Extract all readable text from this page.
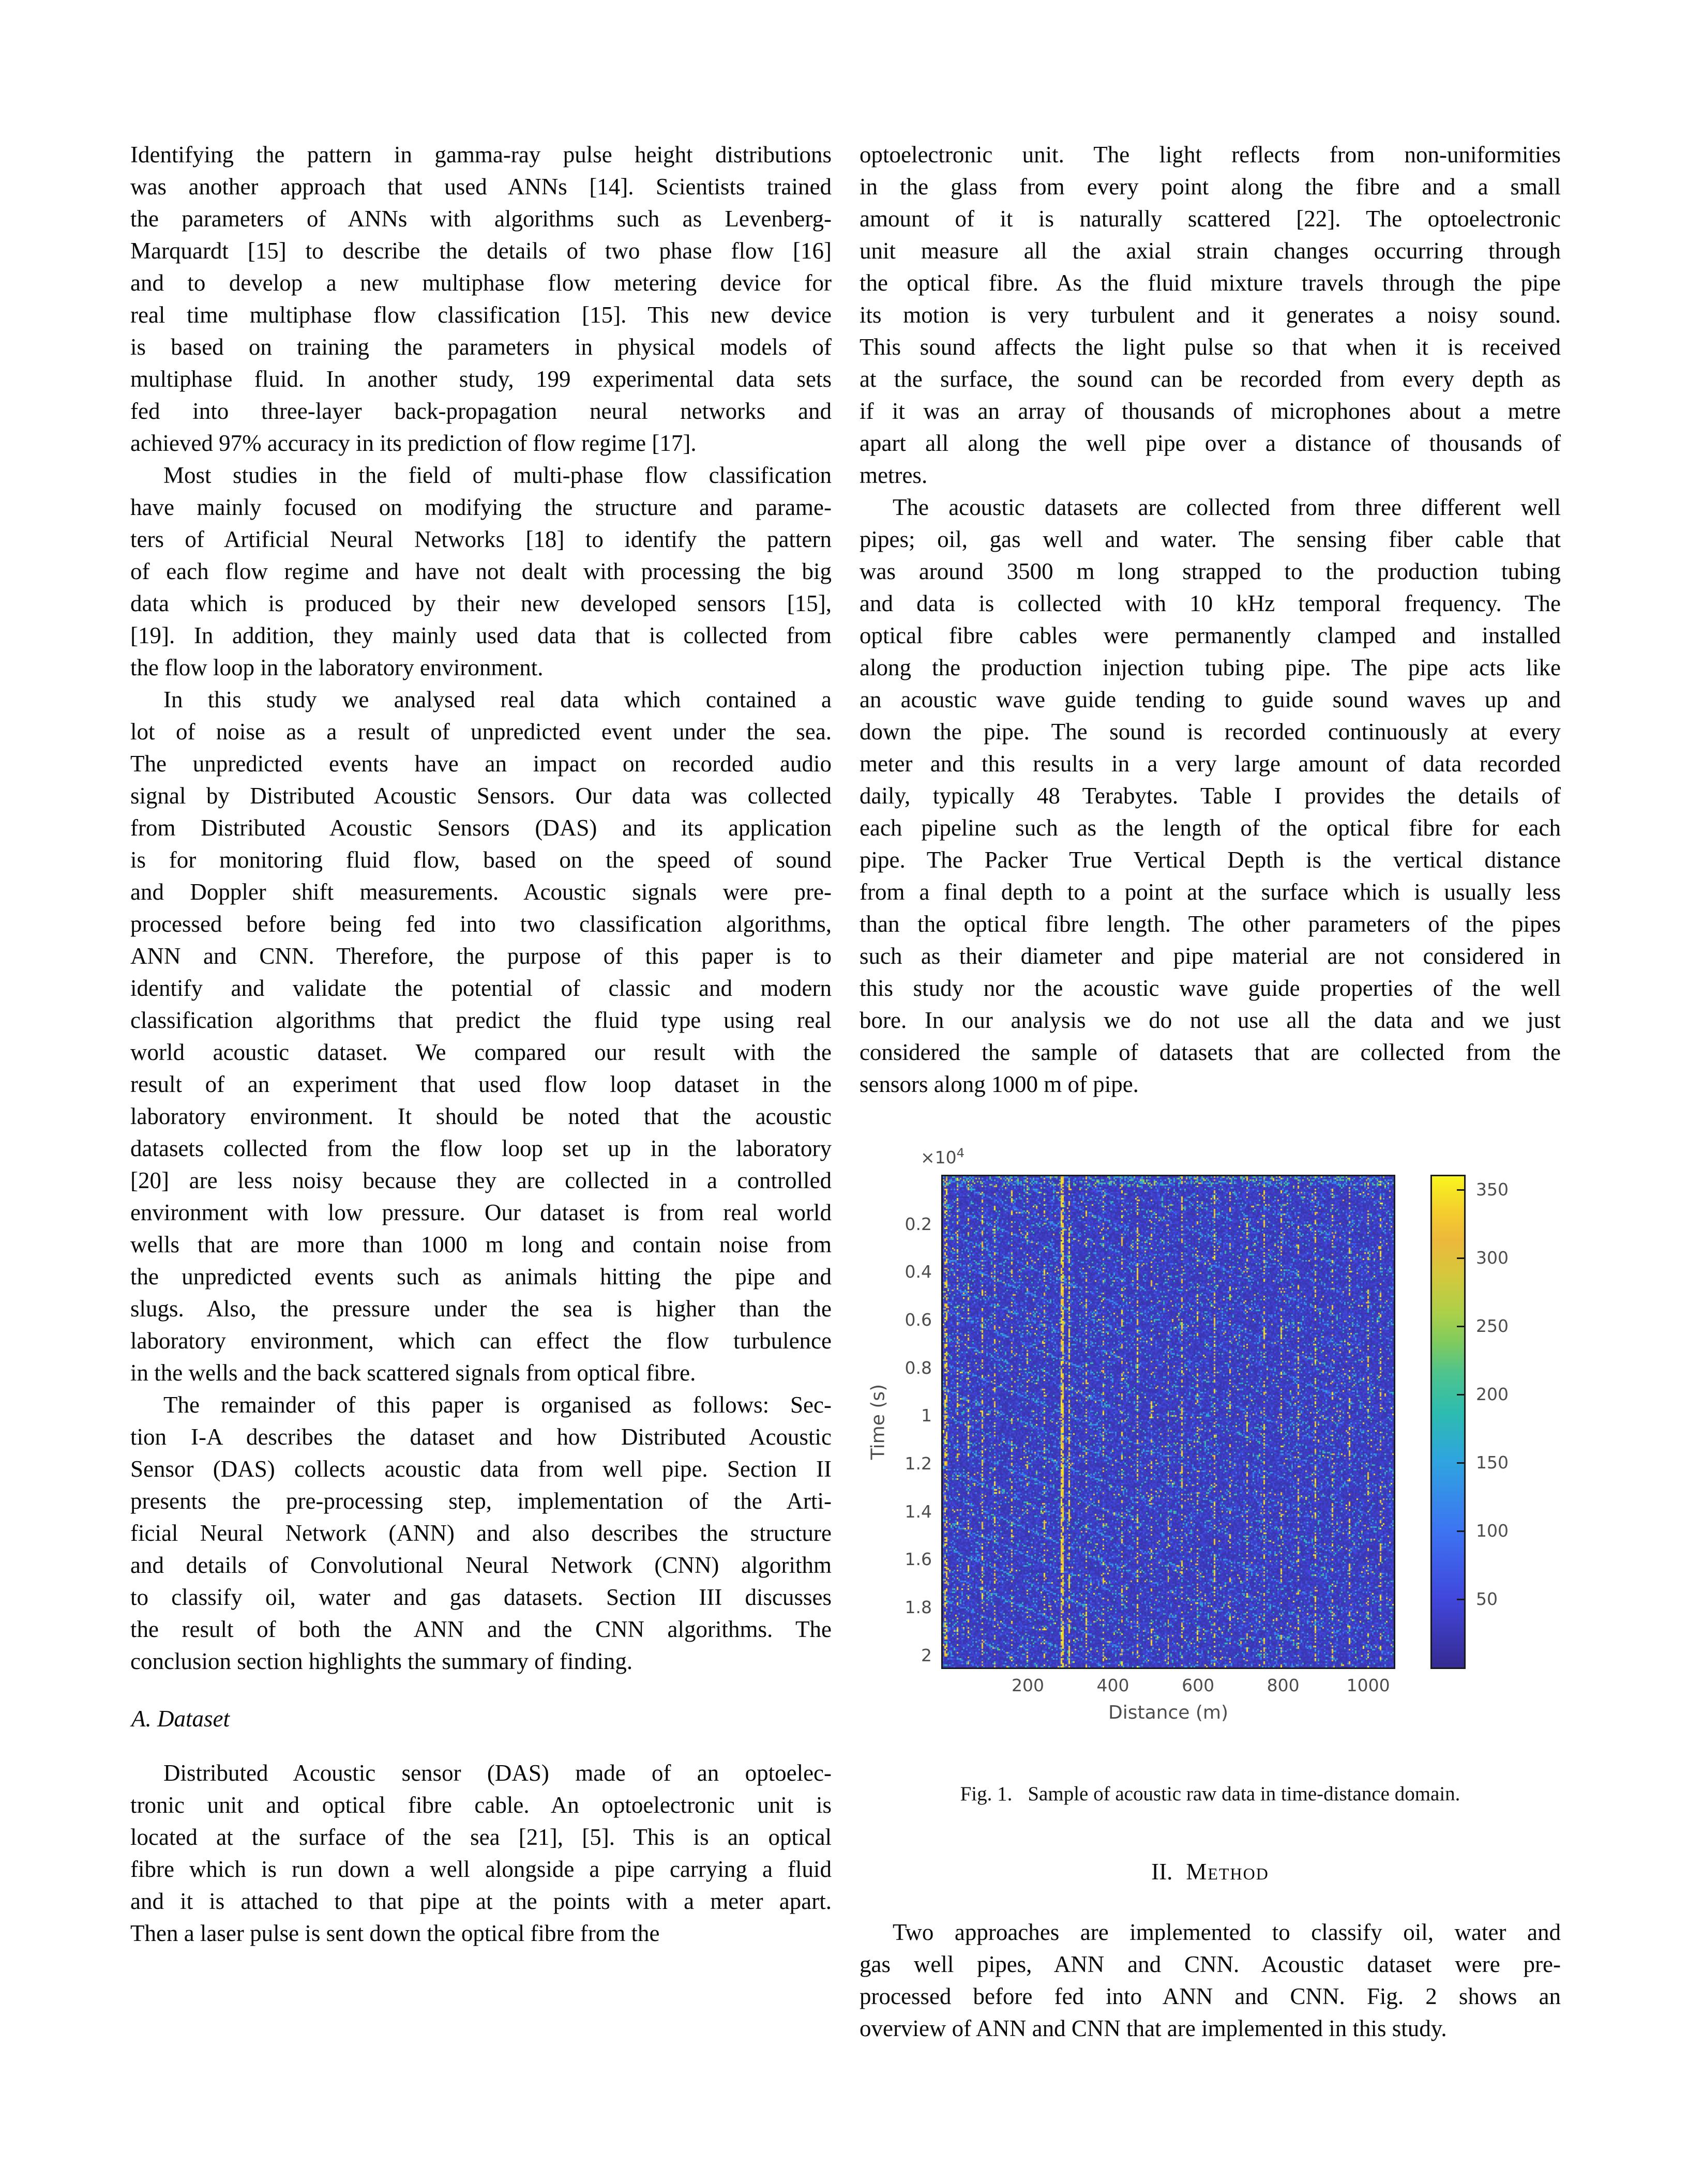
Identifying the pattern in gamma-ray pulse height distributions
was another approach that used ANNs [14]. Scientists trained
the parameters of ANNs with algorithms such as Levenberg-
Marquardt [15] to describe the details of two phase flow [16]
and to develop a new multiphase flow metering device for
real time multiphase flow classification [15]. This new device
is based on training the parameters in physical models of
multiphase fluid. In another study, 199 experimental data sets
fed into three-layer back-propagation neural networks and
achieved 97% accuracy in its prediction of flow regime [17].
Most studies in the field of multi-phase flow classification
have mainly focused on modifying the structure and parame-
ters of Artificial Neural Networks [18] to identify the pattern
of each flow regime and have not dealt with processing the big
data which is produced by their new developed sensors [15],
[19]. In addition, they mainly used data that is collected from
the flow loop in the laboratory environment.
In this study we analysed real data which contained a
lot of noise as a result of unpredicted event under the sea.
The unpredicted events have an impact on recorded audio
signal by Distributed Acoustic Sensors. Our data was collected
from Distributed Acoustic Sensors (DAS) and its application
is for monitoring fluid flow, based on the speed of sound
and Doppler shift measurements. Acoustic signals were pre-
processed before being fed into two classification algorithms,
ANN and CNN. Therefore, the purpose of this paper is to
identify and validate the potential of classic and modern
classification algorithms that predict the fluid type using real
world acoustic dataset. We compared our result with the
result of an experiment that used flow loop dataset in the
laboratory environment. It should be noted that the acoustic
datasets collected from the flow loop set up in the laboratory
[20] are less noisy because they are collected in a controlled
environment with low pressure. Our dataset is from real world
wells that are more than 1000 m long and contain noise from
the unpredicted events such as animals hitting the pipe and
slugs. Also, the pressure under the sea is higher than the
laboratory environment, which can effect the flow turbulence
in the wells and the back scattered signals from optical fibre.
The remainder of this paper is organised as follows: Sec-
tion I-A describes the dataset and how Distributed Acoustic
Sensor (DAS) collects acoustic data from well pipe. Section II
presents the pre-processing step, implementation of the Arti-
ficial Neural Network (ANN) and also describes the structure
and details of Convolutional Neural Network (CNN) algorithm
to classify oil, water and gas datasets. Section III discusses
the result of both the ANN and the CNN algorithms. The
conclusion section highlights the summary of finding.
A. Dataset
Distributed Acoustic sensor (DAS) made of an optoelec-
tronic unit and optical fibre cable. An optoelectronic unit is
located at the surface of the sea [21], [5]. This is an optical
fibre which is run down a well alongside a pipe carrying a fluid
and it is attached to that pipe at the points with a meter apart.
Then a laser pulse is sent down the optical fibre from the
optoelectronic unit. The light reflects from non-uniformities
in the glass from every point along the fibre and a small
amount of it is naturally scattered [22]. The optoelectronic
unit measure all the axial strain changes occurring through
the optical fibre. As the fluid mixture travels through the pipe
its motion is very turbulent and it generates a noisy sound.
This sound affects the light pulse so that when it is received
at the surface, the sound can be recorded from every depth as
if it was an array of thousands of microphones about a metre
apart all along the well pipe over a distance of thousands of
metres.
The acoustic datasets are collected from three different well
pipes; oil, gas well and water. The sensing fiber cable that
was around 3500 m long strapped to the production tubing
and data is collected with 10 kHz temporal frequency. The
optical fibre cables were permanently clamped and installed
along the production injection tubing pipe. The pipe acts like
an acoustic wave guide tending to guide sound waves up and
down the pipe. The sound is recorded continuously at every
meter and this results in a very large amount of data recorded
daily, typically 48 Terabytes. Table I provides the details of
each pipeline such as the length of the optical fibre for each
pipe. The Packer True Vertical Depth is the vertical distance
from a final depth to a point at the surface which is usually less
than the optical fibre length. The other parameters of the pipes
such as their diameter and pipe material are not considered in
this study nor the acoustic wave guide properties of the well
bore. In our analysis we do not use all the data and we just
considered the sample of datasets that are collected from the
sensors along 1000 m of pipe.
$\times 10^4$
Time (s)
Distance (m)
0.2
0.4
0.6
0.8
1
1.2
1.4
1.6
1.8
2
200	400	600	800	1000
50
100
150
200
250
300
350
Fig. 1. Sample of acoustic raw data in time-distance domain.
II. Method
Two approaches are implemented to classify oil, water and
gas well pipes, ANN and CNN. Acoustic dataset were pre-
processed before fed into ANN and CNN. Fig. 2 shows an
overview of ANN and CNN that are implemented in this study.
